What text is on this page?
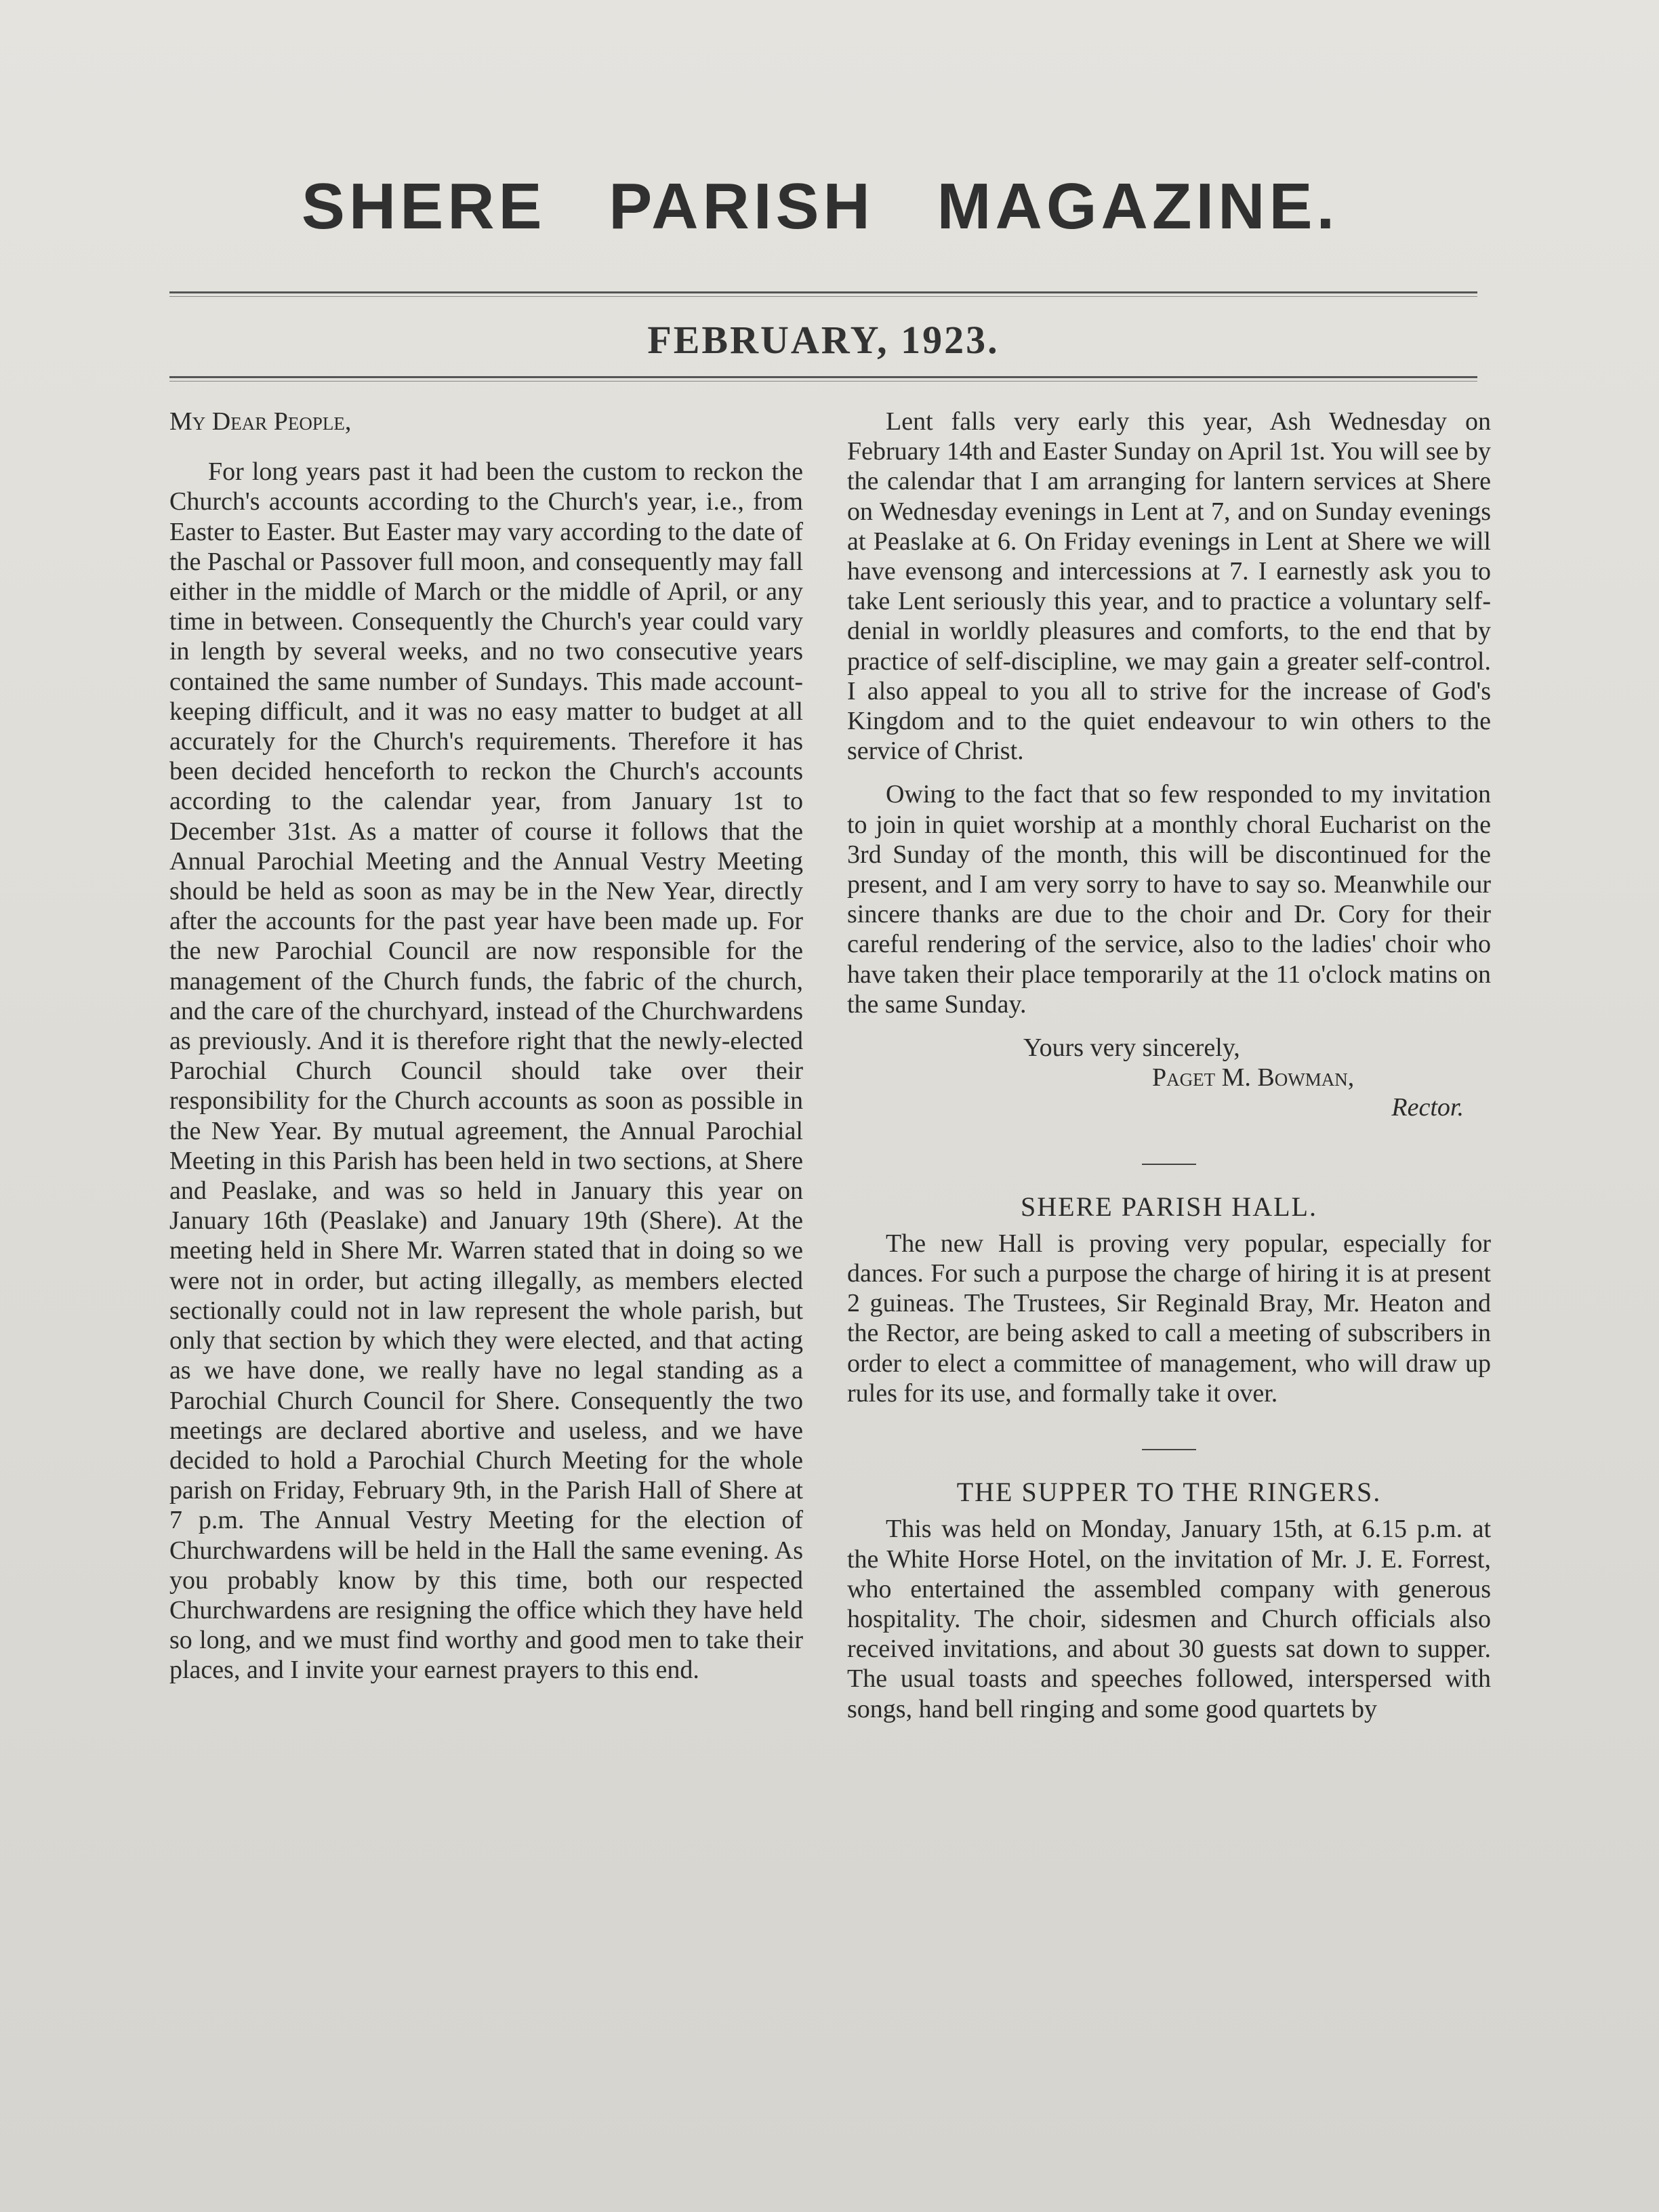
SHERE PARISH MAGAZINE.
FEBRUARY, 1923.

My Dear People,

For long years past it had been the custom to reckon the Church's accounts according to the Church's year, i.e., from Easter to Easter. But Easter may vary according to the date of the Paschal or Passover full moon, and consequently may fall either in the middle of March or the middle of April, or any time in between. Consequently the Church's year could vary in length by several weeks, and no two consecutive years contained the same number of Sundays. This made account-keeping difficult, and it was no easy matter to budget at all accurately for the Church's requirements. Therefore it has been decided henceforth to reckon the Church's accounts according to the calendar year, from January 1st to December 31st. As a matter of course it follows that the Annual Parochial Meeting and the Annual Vestry Meeting should be held as soon as may be in the New Year, directly after the accounts for the past year have been made up. For the new Parochial Council are now responsible for the management of the Church funds, the fabric of the church, and the care of the churchyard, instead of the Churchwardens as previously. And it is therefore right that the newly-elected Parochial Church Council should take over their responsibility for the Church accounts as soon as possible in the New Year. By mutual agreement, the Annual Parochial Meeting in this Parish has been held in two sections, at Shere and Peaslake, and was so held in January this year on January 16th (Peaslake) and January 19th (Shere). At the meeting held in Shere Mr. Warren stated that in doing so we were not in order, but acting illegally, as members elected sectionally could not in law represent the whole parish, but only that section by which they were elected, and that acting as we have done, we really have no legal standing as a Parochial Church Council for Shere. Consequently the two meetings are declared abortive and useless, and we have decided to hold a Parochial Church Meeting for the whole parish on Friday, February 9th, in the Parish Hall of Shere at 7 p.m. The Annual Vestry Meeting for the election of Churchwardens will be held in the Hall the same evening. As you probably know by this time, both our respected Churchwardens are resigning the office which they have held so long, and we must find worthy and good men to take their places, and I invite your earnest prayers to this end.

Lent falls very early this year, Ash Wednesday on February 14th and Easter Sunday on April 1st. You will see by the calendar that I am arranging for lantern services at Shere on Wednesday evenings in Lent at 7, and on Sunday evenings at Peaslake at 6. On Friday evenings in Lent at Shere we will have evensong and intercessions at 7. I earnestly ask you to take Lent seriously this year, and to practice a voluntary self-denial in worldly pleasures and comforts, to the end that by practice of self-discipline, we may gain a greater self-control. I also appeal to you all to strive for the increase of God's Kingdom and to the quiet endeavour to win others to the service of Christ.

Owing to the fact that so few responded to my invitation to join in quiet worship at a monthly choral Eucharist on the 3rd Sunday of the month, this will be discontinued for the present, and I am very sorry to have to say so. Meanwhile our sincere thanks are due to the choir and Dr. Cory for their careful rendering of the service, also to the ladies' choir who have taken their place temporarily at the 11 o'clock matins on the same Sunday.

Yours very sincerely,

Paget M. Bowman,

Rector.

SHERE PARISH HALL.

The new Hall is proving very popular, especially for dances. For such a purpose the charge of hiring it is at present 2 guineas. The Trustees, Sir Reginald Bray, Mr. Heaton and the Rector, are being asked to call a meeting of subscribers in order to elect a committee of management, who will draw up rules for its use, and formally take it over.

THE SUPPER TO THE RINGERS.

This was held on Monday, January 15th, at 6.15 p.m. at the White Horse Hotel, on the invitation of Mr. J. E. Forrest, who entertained the assembled company with generous hospitality. The choir, sidesmen and Church officials also received invitations, and about 30 guests sat down to supper. The usual toasts and speeches followed, interspersed with songs, hand bell ringing and some good quartets by
